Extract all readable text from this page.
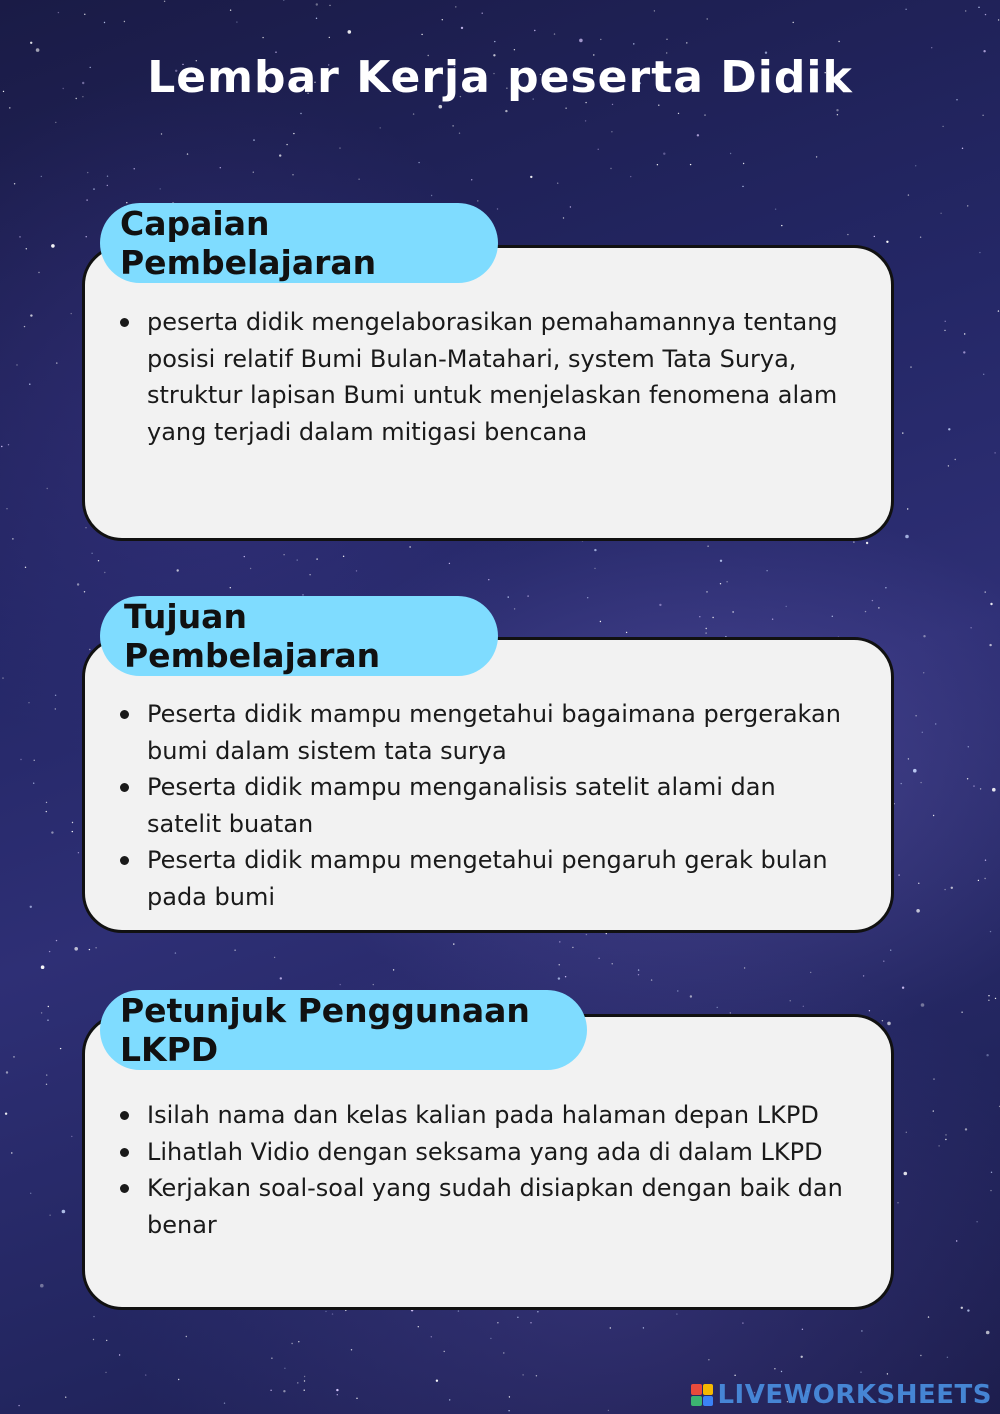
Lembar Kerja peserta Didik
peserta didik mengelaborasikan pemahamannya tentang posisi relatif Bumi Bulan-Matahari, system Tata Surya, struktur lapisan Bumi untuk menjelaskan fenomena alam yang terjadi dalam mitigasi bencana
Capaian Pembelajaran
Peserta didik mampu mengetahui bagaimana pergerakan bumi dalam sistem tata surya
Peserta didik mampu menganalisis satelit alami dan satelit buatan
Peserta didik mampu mengetahui pengaruh gerak bulan pada bumi
Tujuan Pembelajaran
Isilah nama dan kelas kalian pada halaman depan LKPD
Lihatlah Vidio dengan seksama yang ada di dalam LKPD
Kerjakan soal-soal yang sudah disiapkan dengan baik dan benar
Petunjuk Penggunaan LKPD
LIVEWORKSHEETS
